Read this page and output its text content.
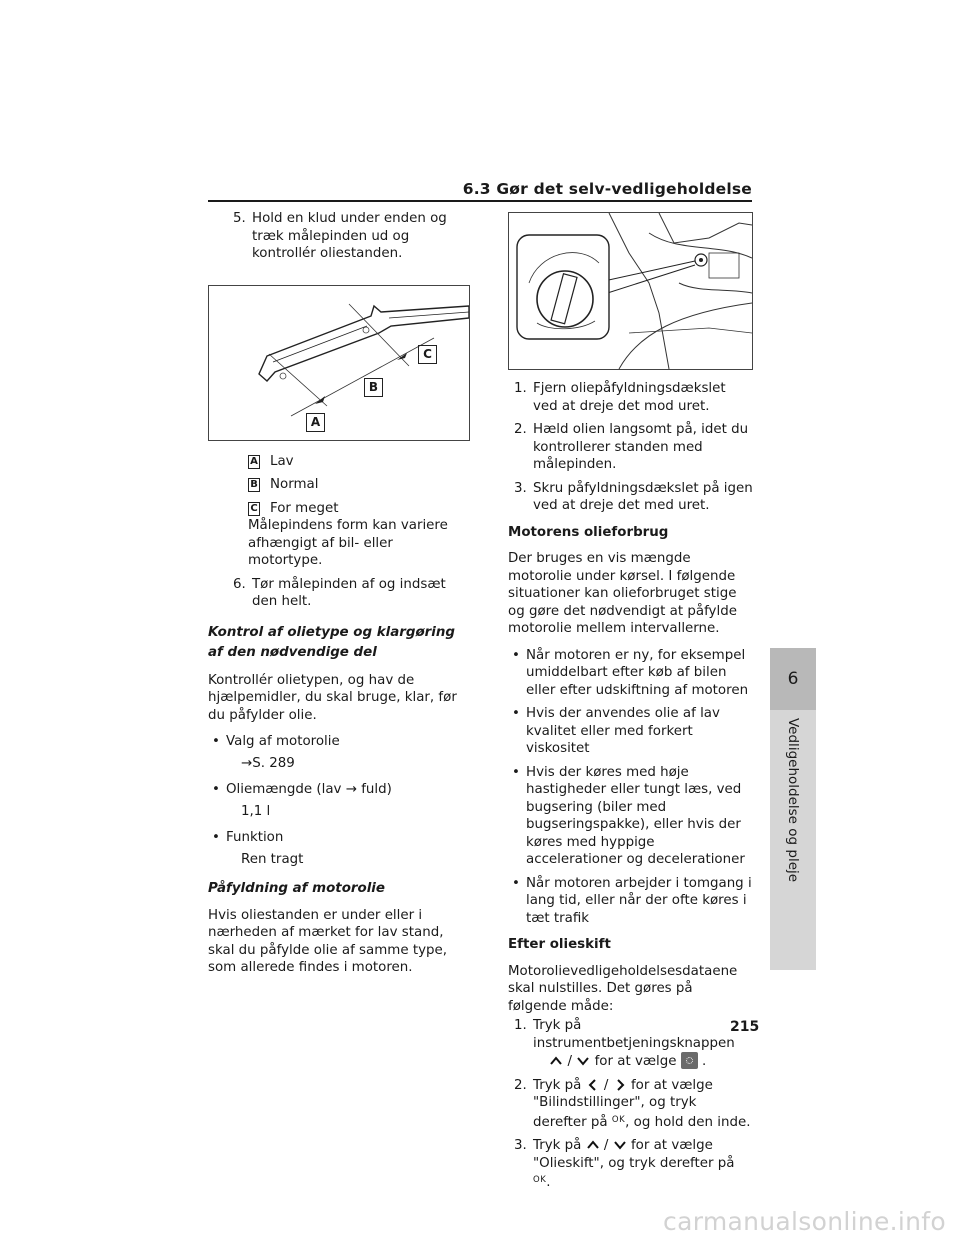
6.3 Gør det selv-vedligeholdelse
5. Hold en klud under enden og træk målepinden ud og kontrollér oliestanden.
C
B
A
A Lav
B Normal
C For meget

Målepindens form kan variere afhængigt af bil- eller motortype.

6. Tør målepinden af og indsæt den helt.

Kontrol af olietype og klargøring af den nødvendige del

Kontrollér olietypen, og hav de hjælpemidler, du skal bruge, klar, før du påfylder olie.

• Valg af motorolie

→S. 289

• Oliemængde (lav → fuld)

1,1 l

• Funktion

Ren tragt

Påfyldning af motorolie

Hvis oliestanden er under eller i nærheden af mærket for lav stand, skal du påfylde olie af samme type, som allerede findes i motoren.

1. Fjern oliepåfyldningsdækslet ved at dreje det mod uret.
2. Hæld olien langsomt på, idet du kontrollerer standen med målepinden.
3. Skru påfyldningsdækslet på igen ved at dreje det med uret.

Motorens olieforbrug

Der bruges en vis mængde motorolie under kørsel. I følgende situationer kan olieforbruget stige og gøre det nødvendigt at påfylde motorolie mellem intervallerne.

• Når motoren er ny, for eksempel umiddelbart efter køb af bilen eller efter udskiftning af motoren
• Hvis der anvendes olie af lav kvalitet eller med forkert viskositet
• Hvis der køres med høje hastigheder eller tungt læs, ved bugsering (biler med bugseringspakke), eller hvis der køres med hyppige accelerationer og decelerationer
• Når motoren arbejder i tomgang i lang tid, eller når der ofte køres i tæt trafik

Efter olieskift

Motorolievedligeholdelsesdataene skal nulstilles. Det gøres på følgende måde:

1. Tryk på instrumentbetjeningsknappen
/ for at vælge .
2. Tryk på / for at vælge "Bilindstillinger", og tryk derefter på $^{OK}$, og hold den inde.
3. Tryk på / for at vælge "Olieskift", og tryk derefter på $^{OK}$.
6
Vedligeholdelse og pleje
215
carmanualsonline.info
